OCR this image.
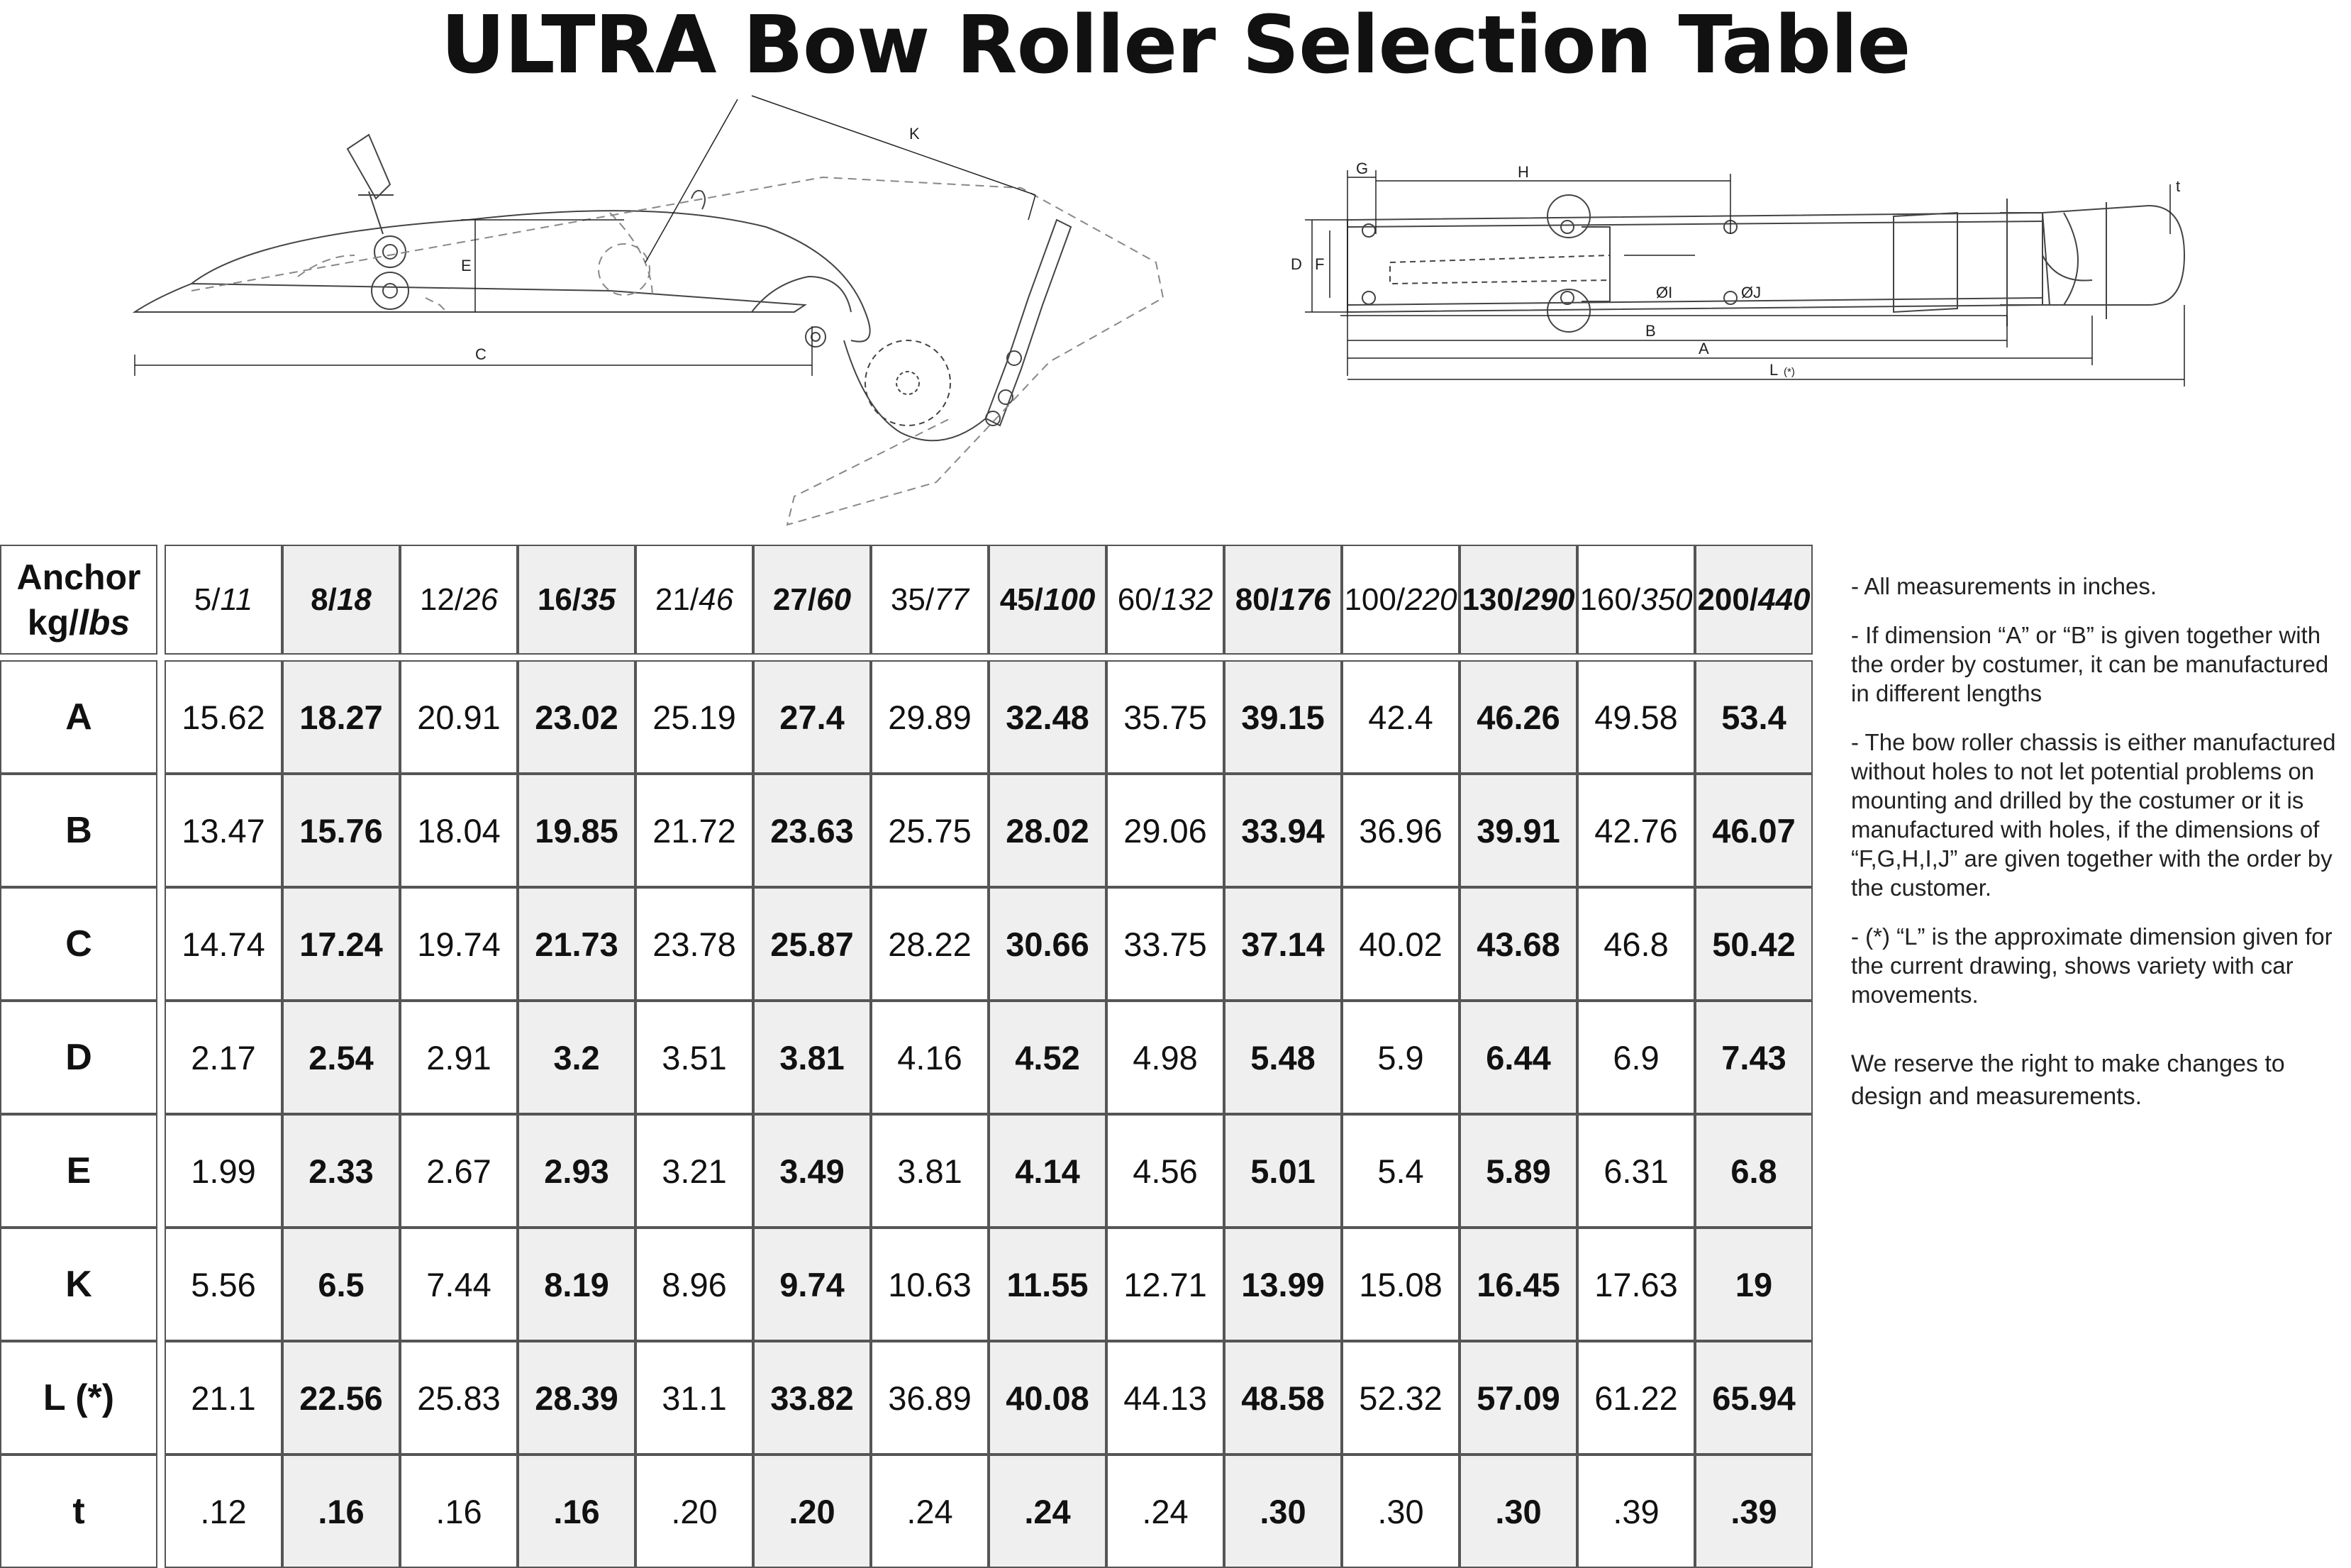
ULTRA Bow Roller Selection Table
C
E
K
G	H
t
D F
ØI	ØJ
B
A
L (*)
Anchor
kg/lbs		5/11	8/18	12/26	16/35	21/46	27/60	35/77	45/100	60/132	80/176	100/220	130/290	160/350	200/440

A		15.62	18.27	20.91	23.02	25.19	27.4	29.89	32.48	35.75	39.15	42.4	46.26	49.58	53.4
B		13.47	15.76	18.04	19.85	21.72	23.63	25.75	28.02	29.06	33.94	36.96	39.91	42.76	46.07
C		14.74	17.24	19.74	21.73	23.78	25.87	28.22	30.66	33.75	37.14	40.02	43.68	46.8	50.42
D		2.17	2.54	2.91	3.2	3.51	3.81	4.16	4.52	4.98	5.48	5.9	6.44	6.9	7.43
E		1.99	2.33	2.67	2.93	3.21	3.49	3.81	4.14	4.56	5.01	5.4	5.89	6.31	6.8
K		5.56	6.5	7.44	8.19	8.96	9.74	10.63	11.55	12.71	13.99	15.08	16.45	17.63	19
L (*)		21.1	22.56	25.83	28.39	31.1	33.82	36.89	40.08	44.13	48.58	52.32	57.09	61.22	65.94
t		.12	.16	.16	.16	.20	.20	.24	.24	.24	.30	.30	.30	.39	.39

- All measurements in inches.

- If dimension “A” or “B” is given together with the order by costumer, it can be manufactured in different lengths

- The bow roller chassis is either manufactured without holes to not let potential problems on mounting and drilled by the costumer or it is manufactured with holes, if the dimensions of “F,G,H,I,J” are given together with the order by the customer.

- (*) “L” is the approximate dimension given for the current drawing, shows variety with car movements.

We reserve the right to make changes to design and measurements.
